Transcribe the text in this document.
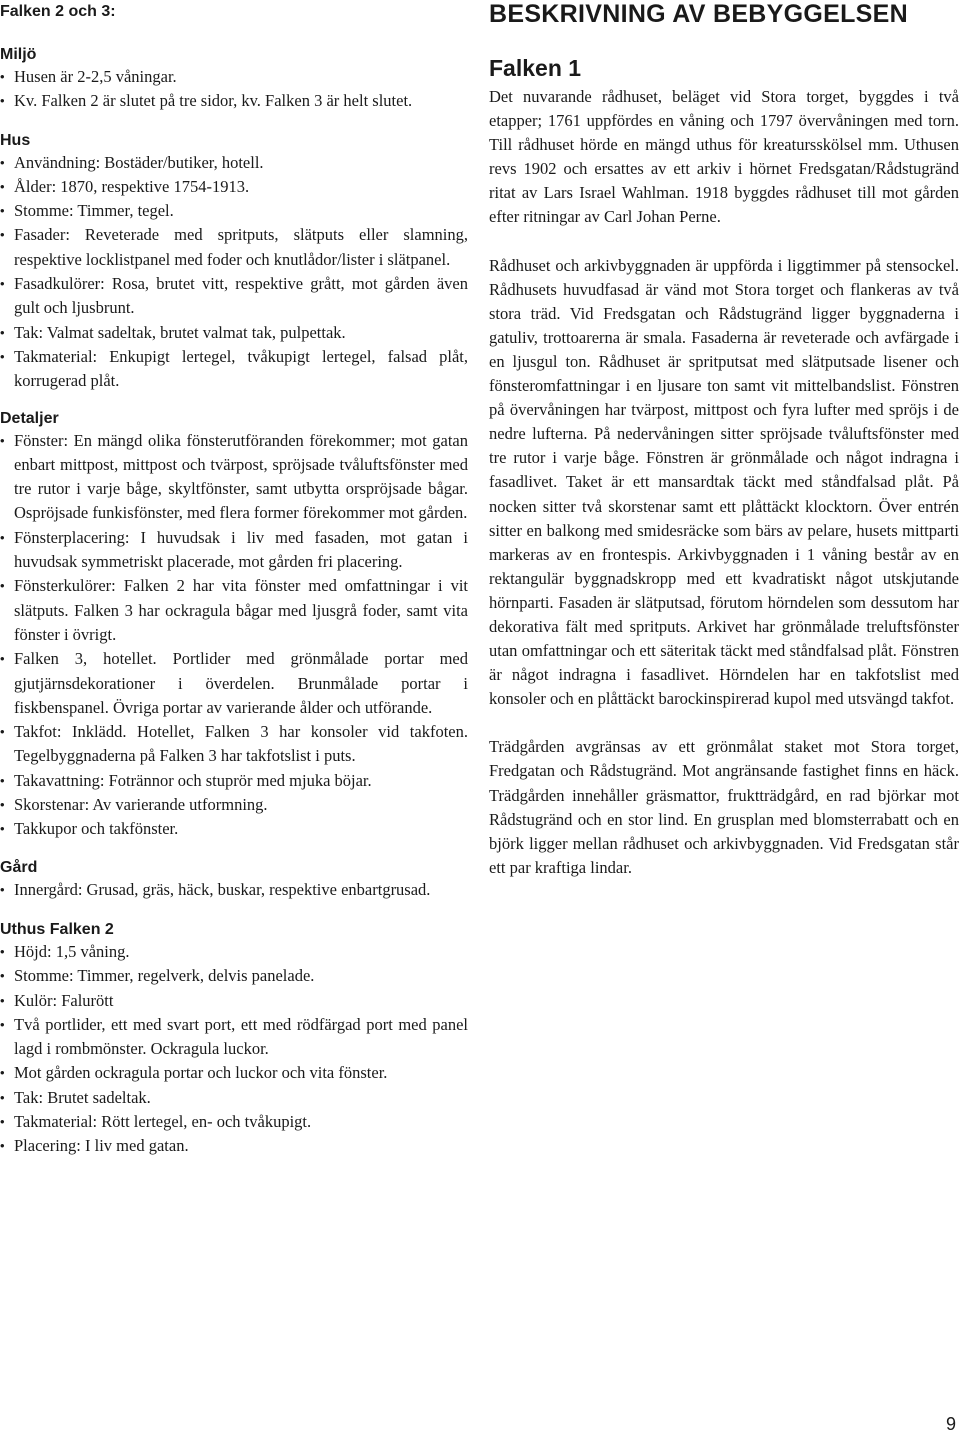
Falken 2 och 3:
Miljö
• Husen är 2-2,5 våningar.
• Kv. Falken 2 är slutet på tre sidor, kv. Falken 3 är helt slutet.
Hus
• Användning: Bostäder/butiker, hotell.
• Ålder: 1870, respektive 1754-1913.
• Stomme: Timmer, tegel.
• Fasader: Reveterade med spritputs, slätputs eller slamning, respektive locklistpanel med foder och knutlådor/lister i slätpanel.
• Fasadkulörer: Rosa, brutet vitt, respektive grått, mot gården även gult och ljusbrunt.
• Tak: Valmat sadeltak, brutet valmat tak, pulpettak.
• Takmaterial: Enkupigt lertegel, tvåkupigt lertegel, falsad plåt, korrugerad plåt.
Detaljer
• Fönster: En mängd olika fönsterutföranden förekommer; mot gatan enbart mittpost, mittpost och tvärpost, spröjsade tvåluftsfönster med tre rutor i varje båge, skyltfönster, samt utbytta orspröjsade bågar. Ospröjsade funkisfönster, med flera former förekommer mot gården.
• Fönsterplacering: I huvudsak i liv med fasaden, mot gatan i huvudsak symmetriskt placerade, mot gården fri placering.
• Fönsterkulörer: Falken 2 har vita fönster med omfattningar i vit slätputs. Falken 3 har ockragula bågar med ljusgrå foder, samt vita fönster i övrigt.
• Falken 3, hotellet. Portlider med grönmålade portar med gjutjärnsdekorationer i överdelen. Brunmålade portar i fiskbenspanel. Övriga portar av varierande ålder och utförande.
• Takfot: Inklädd. Hotellet, Falken 3 har konsoler vid takfoten. Tegelbyggnaderna på Falken 3 har takfotslist i puts.
• Takavattning: Fotrännor och stuprör med mjuka böjar.
• Skorstenar: Av varierande utformning.
• Takkupor och takfönster.
Gård
• Innergård: Grusad, gräs, häck, buskar, respektive enbartgrusad.
Uthus Falken 2
• Höjd: 1,5 våning.
• Stomme: Timmer, regelverk, delvis panelade.
• Kulör: Falurött
• Två portlider, ett med svart port, ett med rödfärgad port med panel lagd i rombmönster. Ockragula luckor.
• Mot gården ockragula portar och luckor och vita fönster.
• Tak: Brutet sadeltak.
• Takmaterial: Rött lertegel, en- och tvåkupigt.
• Placering: I liv med gatan.
BESKRIVNING AV BEBYGGELSEN
Falken 1

Det nuvarande rådhuset, beläget vid Stora torget, byggdes i två etapper; 1761 uppfördes en våning och 1797 övervåningen med torn. Till rådhuset hörde en mängd uthus för kreatursskölsel mm. Uthusen revs 1902 och ersattes av ett arkiv i hörnet Fredsgatan/Rådstugränd ritat av Lars Israel Wahlman. 1918 byggdes rådhuset till mot gården efter ritningar av Carl Johan Perne.

Rådhuset och arkivbyggnaden är uppförda i liggtimmer på stensockel. Rådhusets huvudfasad är vänd mot Stora torget och flankeras av två stora träd. Vid Fredsgatan och Rådstugränd ligger byggnaderna i gatuliv, trottoarerna är smala. Fasaderna är reveterade och avfärgade i en ljusgul ton. Rådhuset är spritputsat med slätputsade lisener och fönsteromfattningar i en ljusare ton samt vit mittelbandslist. Fönstren på övervåningen har tvärpost, mittpost och fyra lufter med spröjs i de nedre lufterna. På nedervåningen sitter spröjsade tvåluftsfönster med tre rutor i varje båge. Fönstren är grönmålade och något indragna i fasadlivet. Taket är ett mansardtak täckt med ståndfalsad plåt. På nocken sitter två skorstenar samt ett plåttäckt klocktorn. Över entrén sitter en balkong med smidesräcke som bärs av pelare, husets mittparti markeras av en frontespis. Arkivbyggnaden i 1 våning består av en rektangulär byggnadskropp med ett kvadratiskt något utskjutande hörnparti. Fasaden är slätputsad, förutom hörndelen som dessutom har dekorativa fält med spritputs. Arkivet har grönmålade treluftsfönster utan omfattningar och ett säteritak täckt med ståndfalsad plåt. Fönstren är något indragna i fasadlivet. Hörndelen har en takfotslist med konsoler och en plåttäckt barockinspirerad kupol med utsvängd takfot.

Trädgården avgränsas av ett grönmålat staket mot Stora torget, Fredgatan och Rådstugränd. Mot angränsande fastighet finns en häck. Trädgården innehåller gräsmattor, fruktträdgård, en rad björkar mot Rådstugränd och en stor lind. En grusplan med blomsterrabatt och en björk ligger mellan rådhuset och arkivbyggnaden. Vid Fredsgatan står ett par kraftiga lindar.

9
